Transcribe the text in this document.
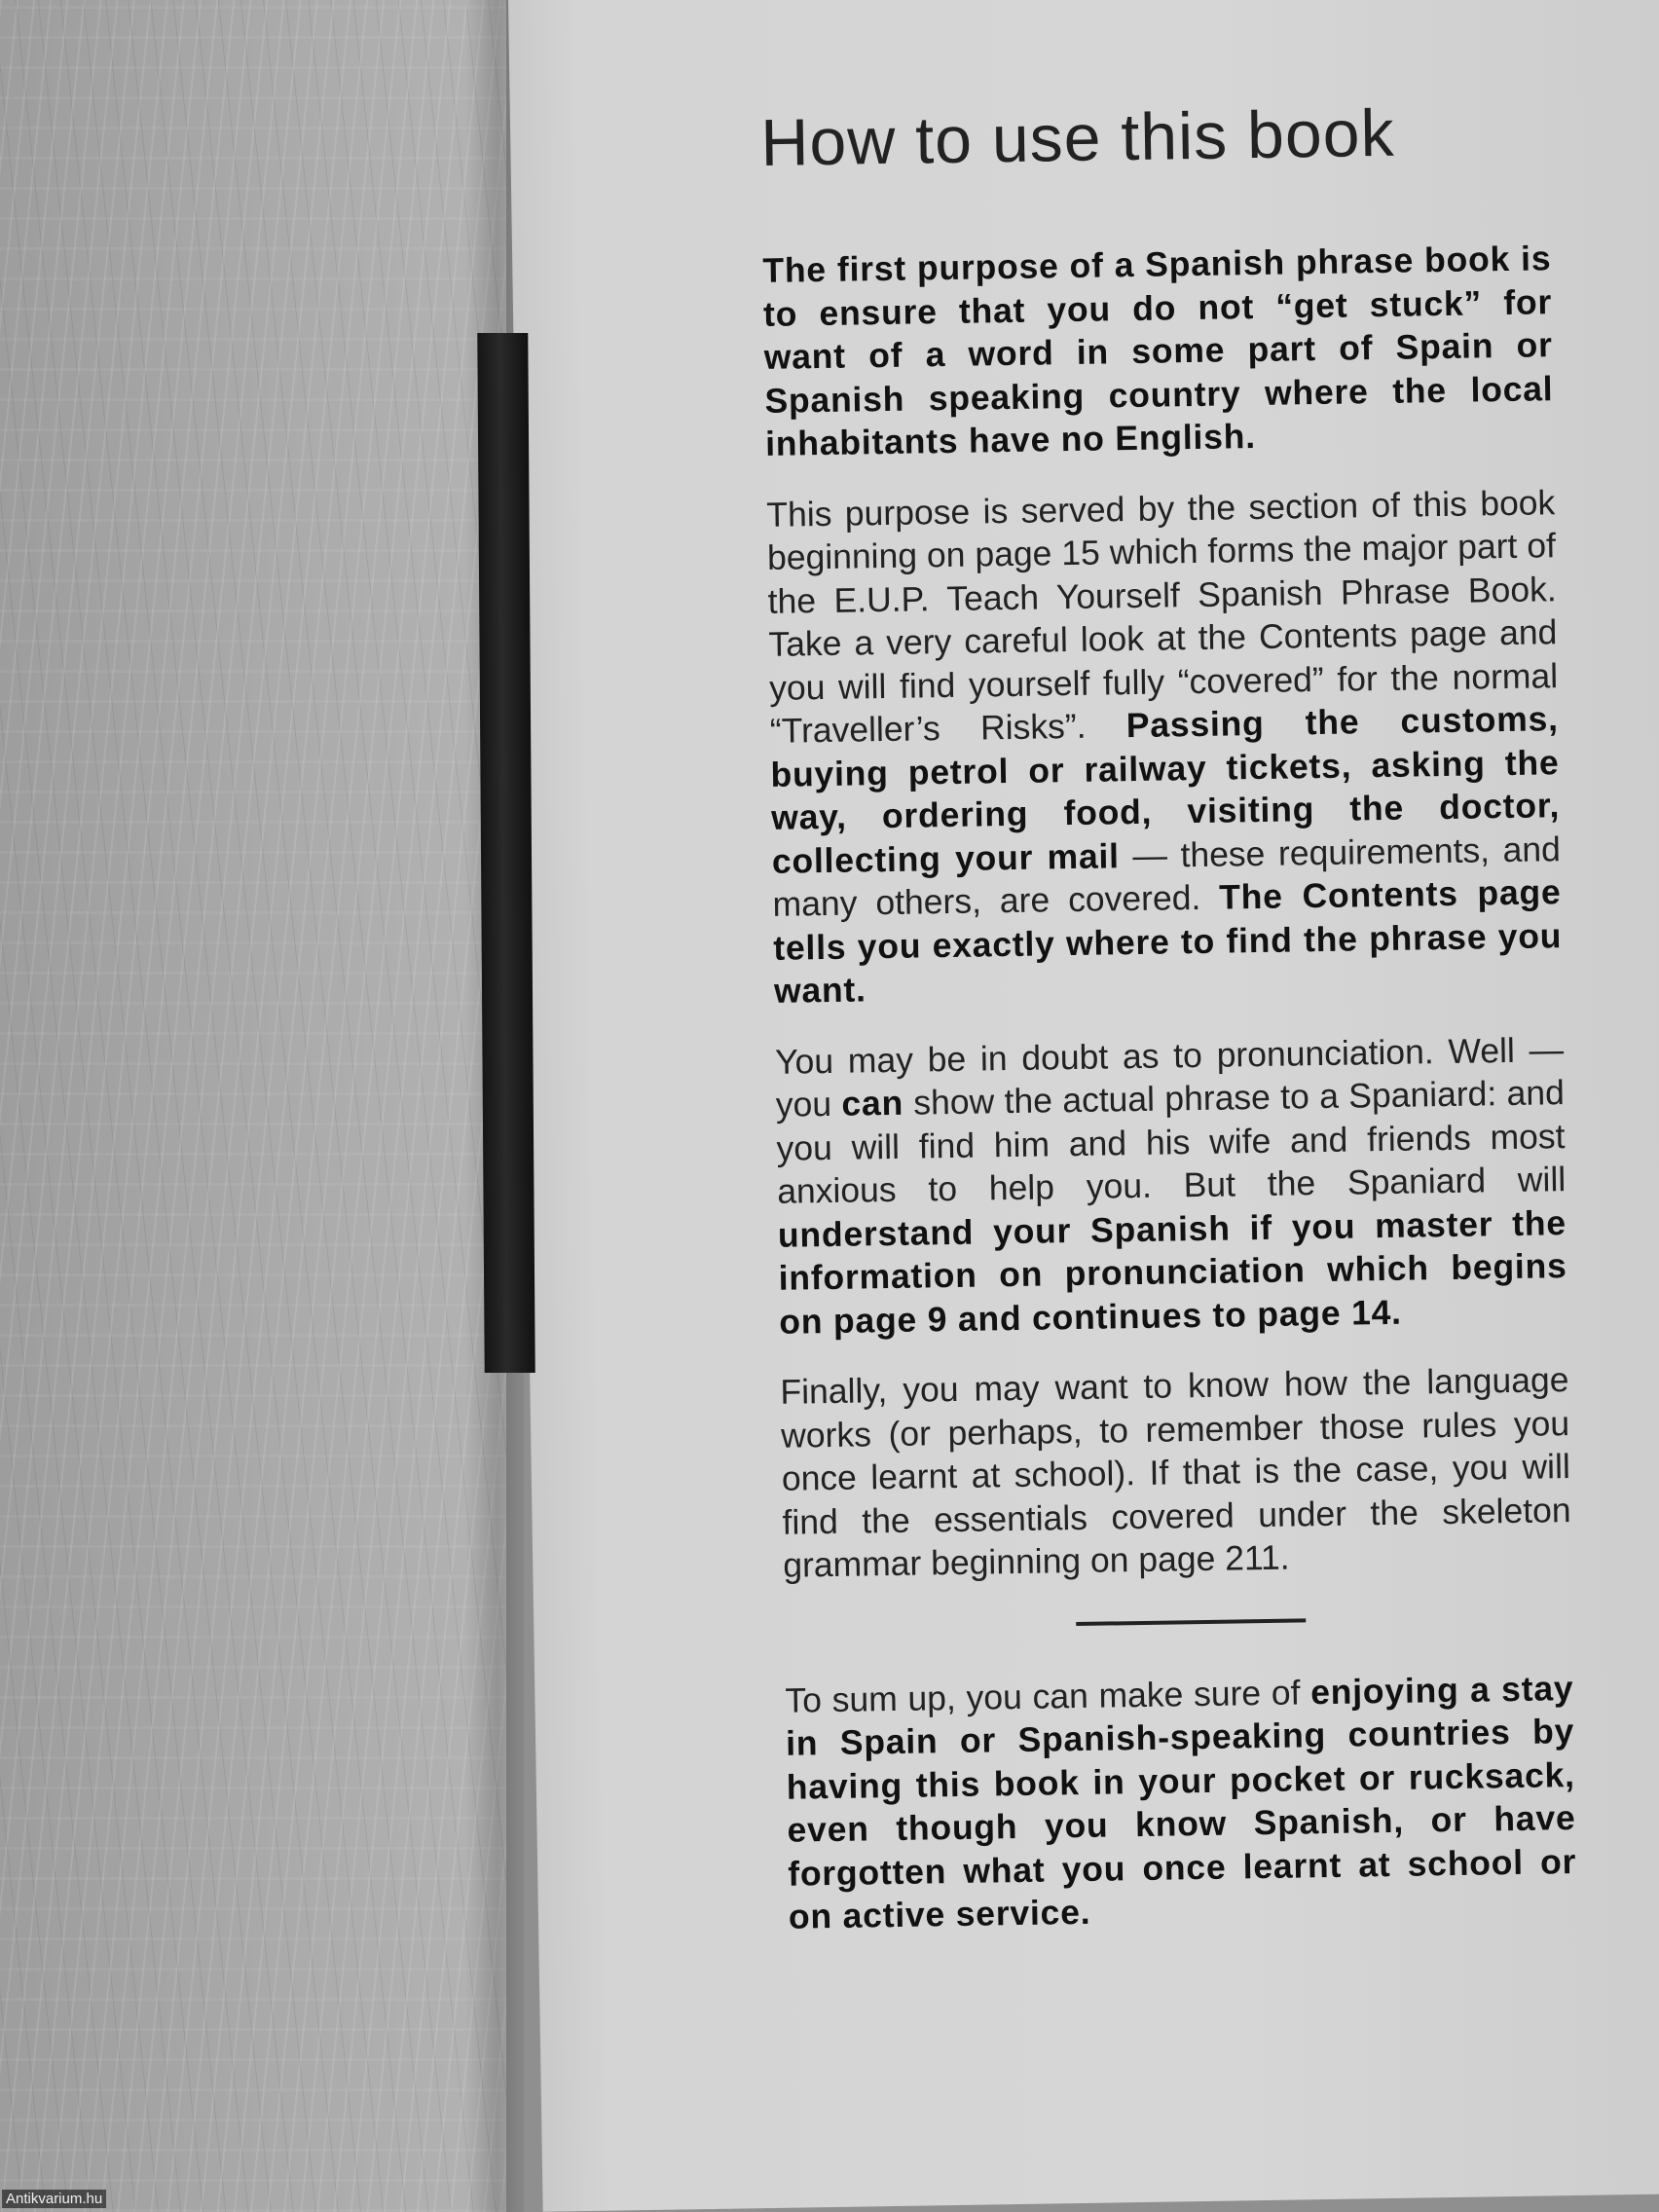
How to use this book

The first purpose of a Spanish phrase book is to ensure that you do not “get stuck” for want of a word in some part of Spain or Spanish speaking country where the local inhabitants have no English.

This purpose is served by the section of this book beginning on page 15 which forms the major part of the E.U.P. Teach Yourself Spanish Phrase Book. Take a very careful look at the Contents page and you will find yourself fully “covered” for the normal “Traveller’s Risks”. Passing the customs, buying petrol or railway tickets, asking the way, ordering food, visiting the doctor, collecting your mail — these requirements, and many others, are covered. The Contents page tells you exactly where to find the phrase you want.

You may be in doubt as to pronunciation. Well — you can show the actual phrase to a Spaniard: and you will find him and his wife and friends most anxious to help you. But the Spaniard will understand your Spanish if you master the information on pronunciation which begins on page 9 and continues to page 14.

Finally, you may want to know how the language works (or perhaps, to remember those rules you once learnt at school). If that is the case, you will find the essentials covered under the skeleton grammar beginning on page 211.

To sum up, you can make sure of enjoying a stay in Spain or Spanish-speaking countries by having this book in your pocket or rucksack, even though you know Spanish, or have forgotten what you once learnt at school or on active service.

Antikvarium.hu
